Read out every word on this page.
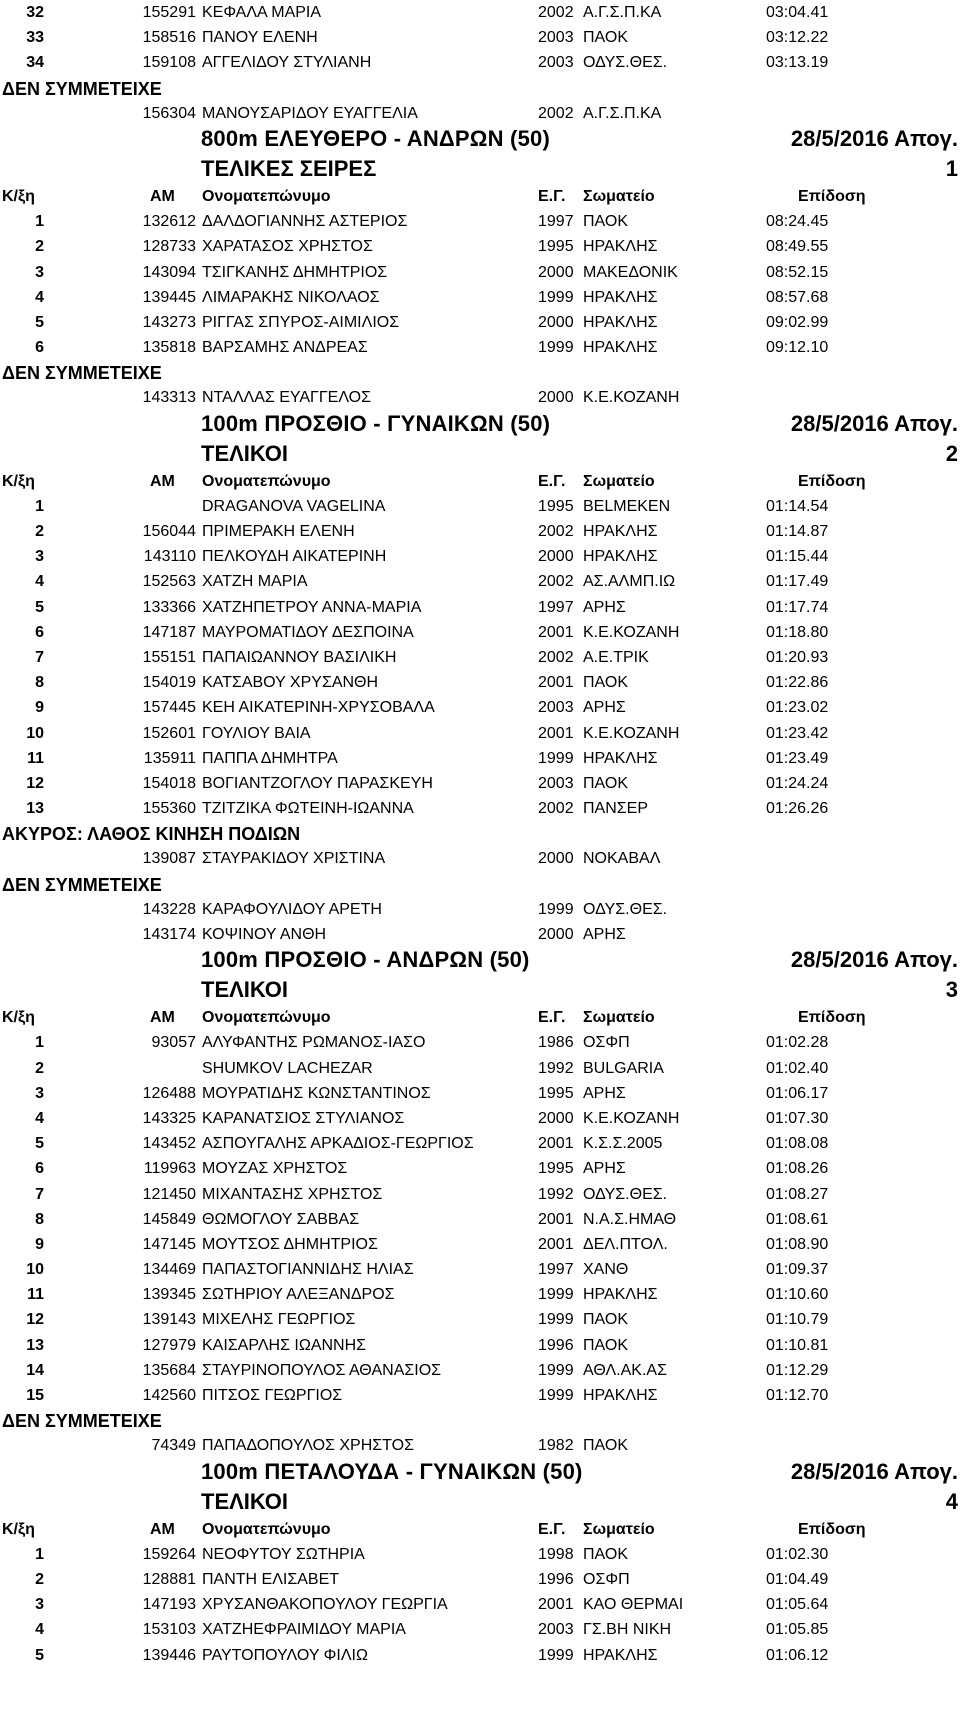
32	155291 ΚΕΦΑΛΑ ΜΑΡΙΑ	2002 Α.Γ.Σ.Π.ΚΑ	03:04.41
33	158516 ΠΑΝΟΥ ΕΛΕΝΗ	2003 ΠΑΟΚ	03:12.22
34	159108 ΑΓΓΕΛΙΔΟΥ ΣΤΥΛΙΑΝΗ	2003 ΟΔΥΣ.ΘΕΣ.	03:13.19
ΔΕΝ ΣΥΜΜΕΤΕΙΧΕ
156304 ΜΑΝΟΥΣΑΡΙΔΟΥ ΕΥΑΓΓΕΛΙΑ	2002 Α.Γ.Σ.Π.ΚΑ
800m ΕΛΕΥΘΕΡΟ - ΑΝΔΡΩΝ (50)	28/5/2016 Απογ.
ΤΕΛΙΚΕΣ ΣΕΙΡΕΣ	1
Κ/ξη	ΑΜ Ονοματεπώνυμο	Ε.Γ. Σωματείο	Επίδοση
1	132612 ΔΑΛΔΟΓΙΑΝΝΗΣ ΑΣΤΕΡΙΟΣ	1997 ΠΑΟΚ	08:24.45
2	128733 ΧΑΡΑΤΑΣΟΣ ΧΡΗΣΤΟΣ	1995 ΗΡΑΚΛΗΣ	08:49.55
3	143094 ΤΣΙΓΚΑΝΗΣ ΔΗΜΗΤΡΙΟΣ	2000 ΜΑΚΕΔΟΝΙΚ	08:52.15
4	139445 ΛΙΜΑΡΑΚΗΣ ΝΙΚΟΛΑΟΣ	1999 ΗΡΑΚΛΗΣ	08:57.68
5	143273 ΡΙΓΓΑΣ ΣΠΥΡΟΣ-ΑΙΜΙΛΙΟΣ	2000 ΗΡΑΚΛΗΣ	09:02.99
6	135818 ΒΑΡΣΑΜΗΣ ΑΝΔΡΕΑΣ	1999 ΗΡΑΚΛΗΣ	09:12.10
ΔΕΝ ΣΥΜΜΕΤΕΙΧΕ
143313 ΝΤΑΛΛΑΣ ΕΥΑΓΓΕΛΟΣ	2000 Κ.Ε.ΚΟΖΑΝΗ
100m ΠΡΟΣΘΙΟ - ΓΥΝΑΙΚΩΝ (50)	28/5/2016 Απογ.
ΤΕΛΙΚΟΙ	2
Κ/ξη	ΑΜ Ονοματεπώνυμο	Ε.Γ. Σωματείο	Επίδοση
1	DRAGANOVA VAGELINA	1995 BELMEKEN	01:14.54
2	156044 ΠΡΙΜΕΡΑΚΗ ΕΛΕΝΗ	2002 ΗΡΑΚΛΗΣ	01:14.87
3	143110 ΠΕΛΚΟΥΔΗ ΑΙΚΑΤΕΡΙΝΗ	2000 ΗΡΑΚΛΗΣ	01:15.44
4	152563 ΧΑΤΖΗ ΜΑΡΙΑ	2002 ΑΣ.ΑΛΜΠ.ΙΩ	01:17.49
5	133366 ΧΑΤΖΗΠΕΤΡΟΥ ΑΝΝΑ-ΜΑΡΙΑ	1997 ΑΡΗΣ	01:17.74
6	147187 ΜΑΥΡΟΜΑΤΙΔΟΥ ΔΕΣΠΟΙΝΑ	2001 Κ.Ε.ΚΟΖΑΝΗ	01:18.80
7	155151 ΠΑΠΑΙΩΑΝΝΟΥ ΒΑΣΙΛΙΚΗ	2002 Α.Ε.ΤΡΙΚ	01:20.93
8	154019 ΚΑΤΣΑΒΟΥ ΧΡΥΣΑΝΘΗ	2001 ΠΑΟΚ	01:22.86
9	157445 ΚΕΗ ΑΙΚΑΤΕΡΙΝΗ-ΧΡΥΣΟΒΑΛΑ	2003 ΑΡΗΣ	01:23.02
10	152601 ΓΟΥΛΙΟΥ ΒΑΙΑ	2001 Κ.Ε.ΚΟΖΑΝΗ	01:23.42
11	135911 ΠΑΠΠΑ ΔΗΜΗΤΡΑ	1999 ΗΡΑΚΛΗΣ	01:23.49
12	154018 ΒΟΓΙΑΝΤΖΟΓΛΟΥ ΠΑΡΑΣΚΕΥΗ	2003 ΠΑΟΚ	01:24.24
13	155360 ΤΖΙΤΖΙΚΑ ΦΩΤΕΙΝΗ-ΙΩΑΝΝΑ	2002 ΠΑΝΣΕΡ	01:26.26
ΑΚΥΡΟΣ: ΛΑΘΟΣ ΚΙΝΗΣΗ ΠΟΔΙΩΝ
139087 ΣΤΑΥΡΑΚΙΔΟΥ ΧΡΙΣΤΙΝΑ	2000 ΝΟΚΑΒΑΛ
ΔΕΝ ΣΥΜΜΕΤΕΙΧΕ
143228 ΚΑΡΑΦΟΥΛΙΔΟΥ ΑΡΕΤΗ	1999 ΟΔΥΣ.ΘΕΣ.
143174 ΚΟΨΙΝΟΥ ΑΝΘΗ	2000 ΑΡΗΣ
100m ΠΡΟΣΘΙΟ - ΑΝΔΡΩΝ (50)	28/5/2016 Απογ.
ΤΕΛΙΚΟΙ	3
Κ/ξη	ΑΜ Ονοματεπώνυμο	Ε.Γ. Σωματείο	Επίδοση
1	93057 ΑΛΥΦΑΝΤΗΣ ΡΩΜΑΝΟΣ-ΙΑΣΟ	1986 ΟΣΦΠ	01:02.28
2	SHUMKOV LACHEZAR	1992 BULGARIA	01:02.40
3	126488 ΜΟΥΡΑΤΙΔΗΣ ΚΩΝΣΤΑΝΤΙΝΟΣ	1995 ΑΡΗΣ	01:06.17
4	143325 ΚΑΡΑΝΑΤΣΙΟΣ ΣΤΥΛΙΑΝΟΣ	2000 Κ.Ε.ΚΟΖΑΝΗ	01:07.30
5	143452 ΑΣΠΟΥΓΑΛΗΣ ΑΡΚΑΔΙΟΣ-ΓΕΩΡΓΙΟΣ	2001 Κ.Σ.Σ.2005	01:08.08
6	119963 ΜΟΥΖΑΣ ΧΡΗΣΤΟΣ	1995 ΑΡΗΣ	01:08.26
7	121450 ΜΙΧΑΝΤΑΣΗΣ ΧΡΗΣΤΟΣ	1992 ΟΔΥΣ.ΘΕΣ.	01:08.27
8	145849 ΘΩΜΟΓΛΟΥ ΣΑΒΒΑΣ	2001 Ν.Α.Σ.ΗΜΑΘ	01:08.61
9	147145 ΜΟΥΤΣΟΣ ΔΗΜΗΤΡΙΟΣ	2001 ΔΕΛ.ΠΤΟΛ.	01:08.90
10	134469 ΠΑΠΑΣΤΟΓΙΑΝΝΙΔΗΣ ΗΛΙΑΣ	1997 ΧΑΝΘ	01:09.37
11	139345 ΣΩΤΗΡΙΟΥ ΑΛΕΞΑΝΔΡΟΣ	1999 ΗΡΑΚΛΗΣ	01:10.60
12	139143 ΜΙΧΕΛΗΣ ΓΕΩΡΓΙΟΣ	1999 ΠΑΟΚ	01:10.79
13	127979 ΚΑΙΣΑΡΛΗΣ ΙΩΑΝΝΗΣ	1996 ΠΑΟΚ	01:10.81
14	135684 ΣΤΑΥΡΙΝΟΠΟΥΛΟΣ ΑΘΑΝΑΣΙΟΣ	1999 ΑΘΛ.ΑΚ.ΑΣ	01:12.29
15	142560 ΠΙΤΣΟΣ ΓΕΩΡΓΙΟΣ	1999 ΗΡΑΚΛΗΣ	01:12.70
ΔΕΝ ΣΥΜΜΕΤΕΙΧΕ
74349 ΠΑΠΑΔΟΠΟΥΛΟΣ ΧΡΗΣΤΟΣ	1982 ΠΑΟΚ
100m ΠΕΤΑΛΟΥΔΑ - ΓΥΝΑΙΚΩΝ (50)	28/5/2016 Απογ.
ΤΕΛΙΚΟΙ	4
Κ/ξη	ΑΜ Ονοματεπώνυμο	Ε.Γ. Σωματείο	Επίδοση
1	159264 ΝΕΟΦΥΤΟΥ ΣΩΤΗΡΙΑ	1998 ΠΑΟΚ	01:02.30
2	128881 ΠΑΝΤΗ ΕΛΙΣΑΒΕΤ	1996 ΟΣΦΠ	01:04.49
3	147193 ΧΡΥΣΑΝΘΑΚΟΠΟΥΛΟΥ ΓΕΩΡΓΙΑ	2001 ΚΑΟ ΘΕΡΜΑΙ	01:05.64
4	153103 ΧΑΤΖΗΕΦΡΑΙΜΙΔΟΥ ΜΑΡΙΑ	2003 ΓΣ.ΒΗ ΝΙΚΗ	01:05.85
5	139446 ΡΑΥΤΟΠΟΥΛΟΥ ΦΙΛΙΩ	1999 ΗΡΑΚΛΗΣ	01:06.12
